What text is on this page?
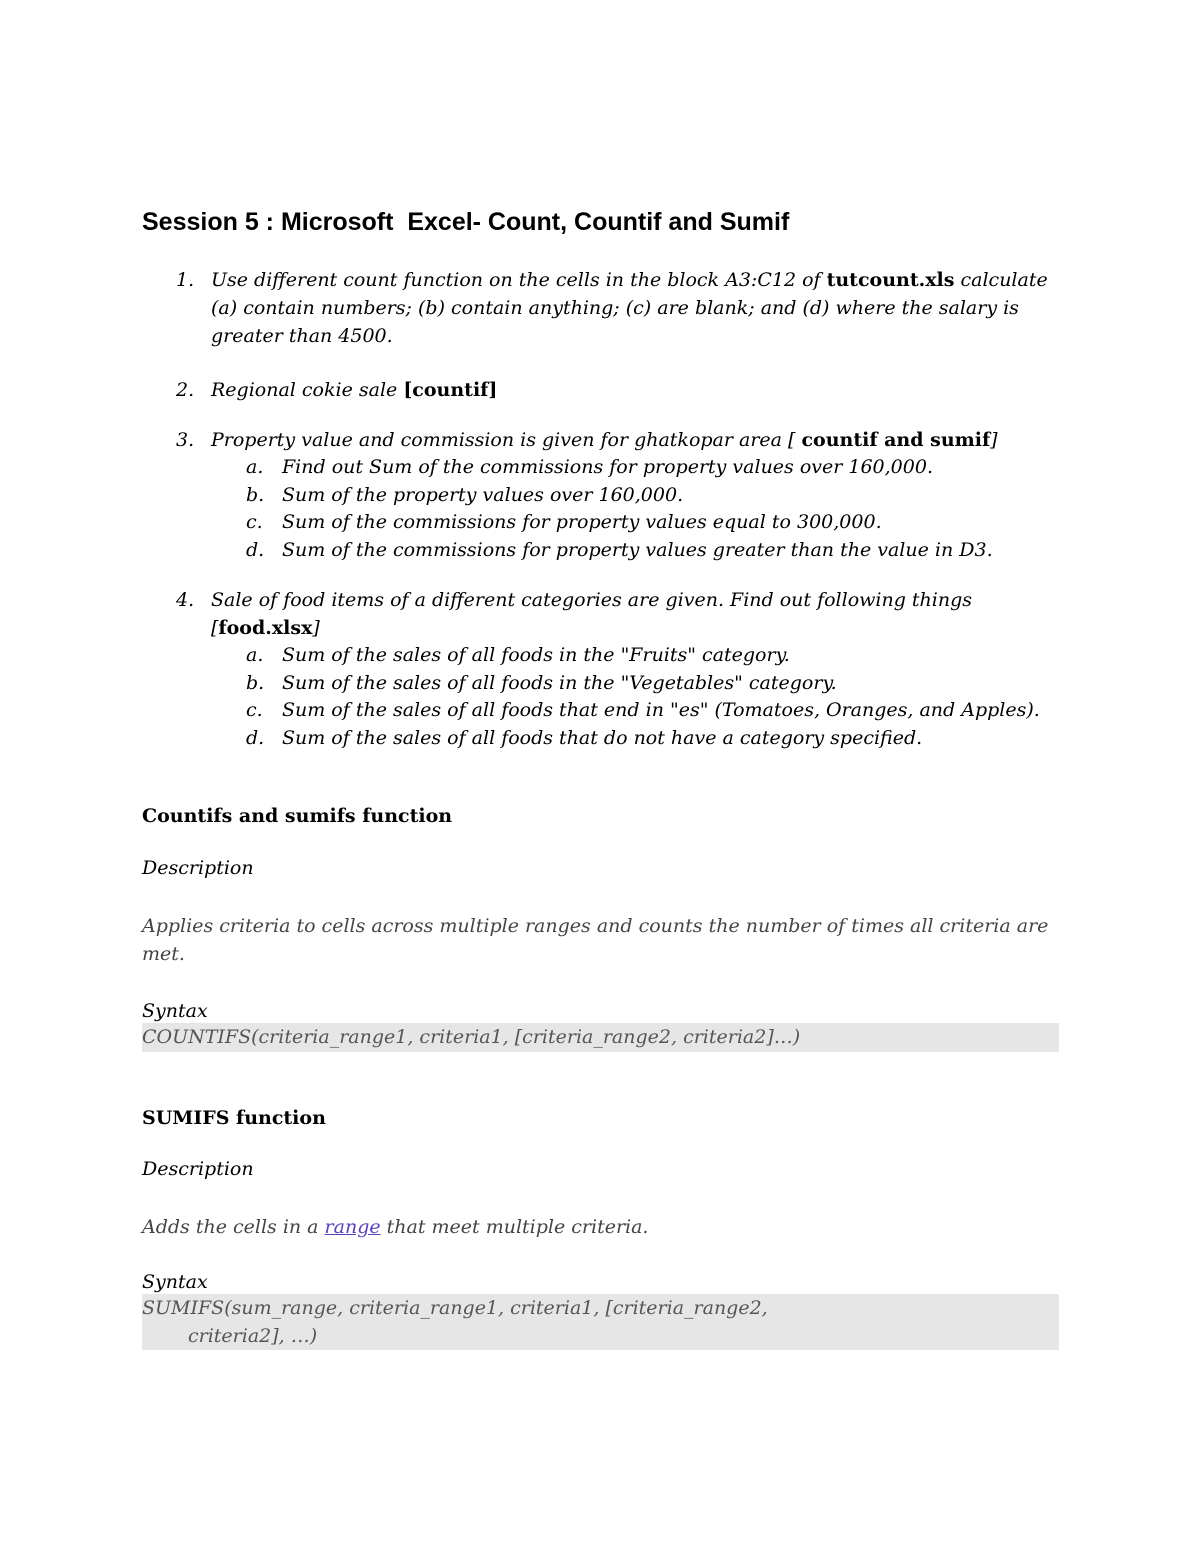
Session 5 : Microsoft  Excel- Count, Countif and Sumif
1. Use different count function on the cells in the block A3:C12 of tutcount.xls calculate
(a) contain numbers; (b) contain anything; (c) are blank; and (d) where the salary is
greater than 4500.
2. Regional cokie sale [countif]
3. Property value and commission is given for ghatkopar area [ countif and sumif]
a. Find out Sum of the commissions for property values over 160,000.
b. Sum of the property values over 160,000.
c. Sum of the commissions for property values equal to 300,000.
d. Sum of the commissions for property values greater than the value in D3.
4. Sale of food items of a different categories are given. Find out following things
[food.xlsx]
a. Sum of the sales of all foods in the "Fruits" category.
b. Sum of the sales of all foods in the "Vegetables" category.
c. Sum of the sales of all foods that end in "es" (Tomatoes, Oranges, and Apples).
d. Sum of the sales of all foods that do not have a category specified.
Countifs and sumifs function

Description

Applies criteria to cells across multiple ranges and counts the number of times all criteria are
met.

Syntax

COUNTIFS(criteria_range1, criteria1, [criteria_range2, criteria2]…)
SUMIFS function

Description

Adds the cells in a range that meet multiple criteria.

Syntax

SUMIFS(sum_range, criteria_range1, criteria1, [criteria_range2,
criteria2], …)
